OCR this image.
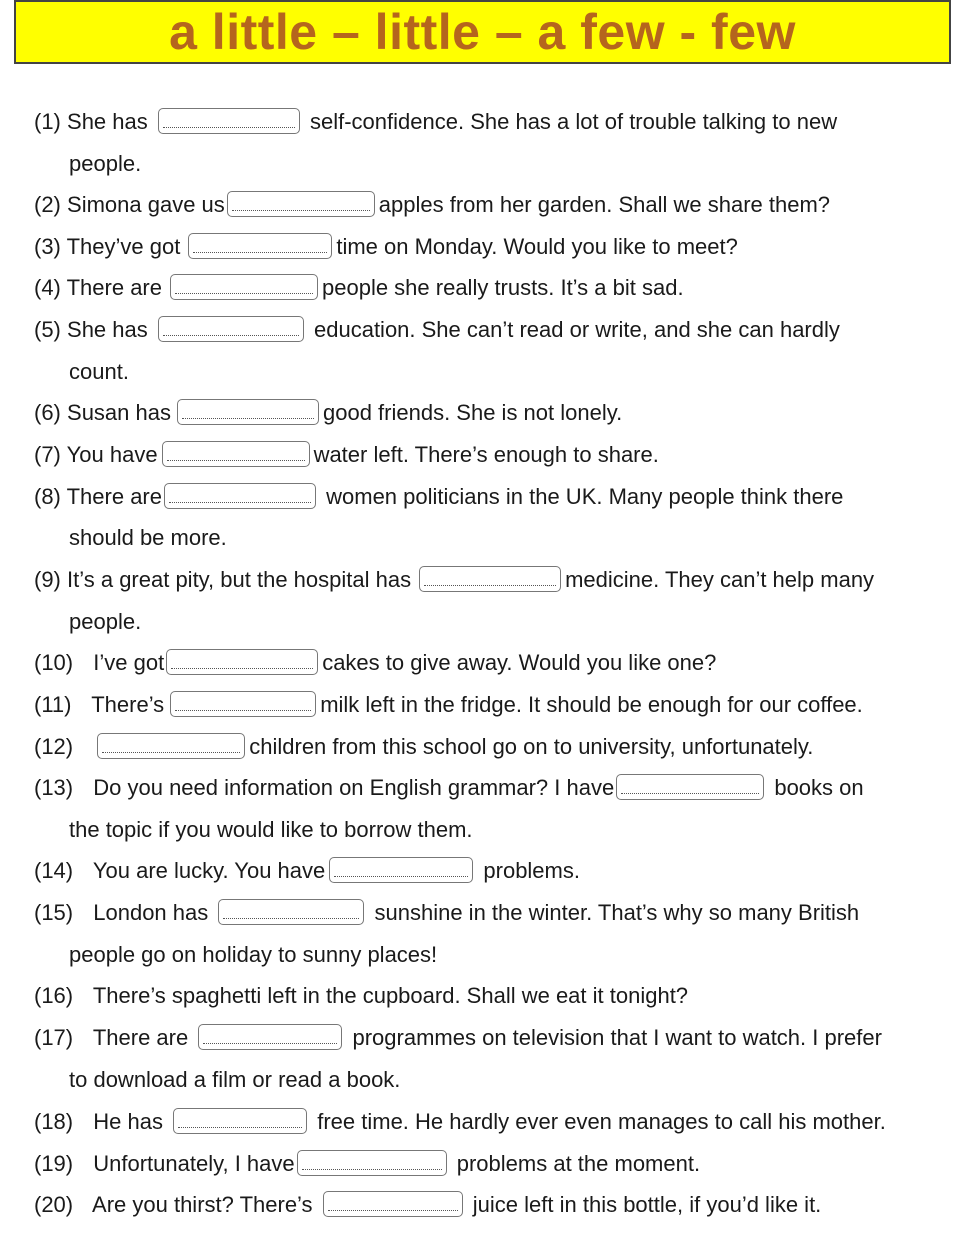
a little – little – a few - few
(1) She has	self-confidence. She has a lot of trouble talking to new
people.
(2) Simona gave us	apples from her garden. Shall we share them?
(3) They’ve got	time on Monday. Would you like to meet?
(4) There are	people she really trusts. It’s a bit sad.
(5) She has	education. She can’t read or write, and she can hardly
count.
(6) Susan has	good friends. She is not lonely.
(7) You have	water left. There’s enough to share.
(8) There are	women politicians in the UK. Many people think there
should be more.
(9) It’s a great pity, but the hospital has	medicine. They can’t help many
people.
(10) I’ve got	cakes to give away. Would you like one?
(11) There’s	milk left in the fridge. It should be enough for our coffee.
(12)	children from this school go on to university, unfortunately.
(13) Do you need information on English grammar? I have	books on
the topic if you would like to borrow them.
(14) You are lucky. You have	problems.
(15) London has	sunshine in the winter. That’s why so many British
people go on holiday to sunny places!
(16) There’s spaghetti left in the cupboard. Shall we eat it tonight?
(17) There are	programmes on television that I want to watch. I prefer
to download a film or read a book.
(18) He has	free time. He hardly ever even manages to call his mother.
(19) Unfortunately, I have	problems at the moment.
(20) Are you thirst? There’s	juice left in this bottle, if you’d like it.
